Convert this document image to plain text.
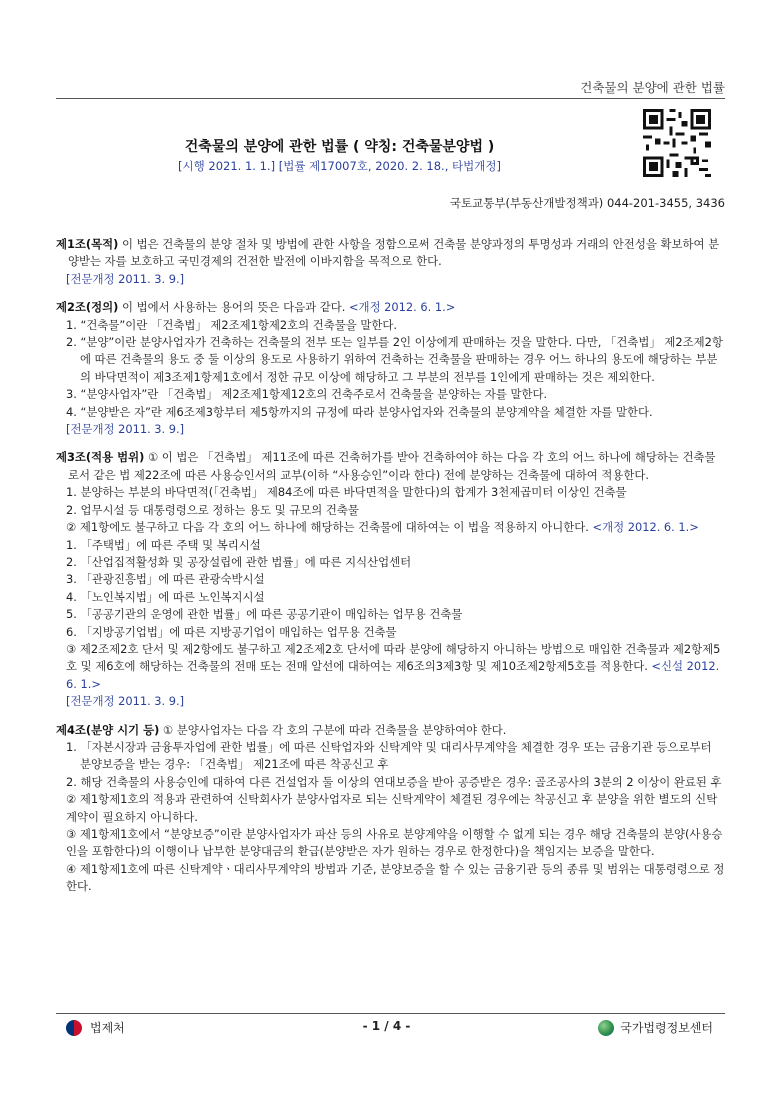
건축물의 분양에 관한 법률
건축물의 분양에 관한 법률 ( 약칭: 건축물분양법 )
[시행 2021. 1. 1.] [법률 제17007호, 2020. 2. 18., 타법개정]
국토교통부(부동산개발정책과) 044-201-3455, 3436

제1조(목적) 이 법은 건축물의 분양 절차 및 방법에 관한 사항을 정함으로써 건축물 분양과정의 투명성과 거래의 안전성을 확보하여 분양받는 자를 보호하고 국민경제의 건전한 발전에 이바지함을 목적으로 한다.

[전문개정 2011. 3. 9.]

제2조(정의) 이 법에서 사용하는 용어의 뜻은 다음과 같다. <개정 2012. 6. 1.>

1. “건축물”이란 「건축법」 제2조제1항제2호의 건축물을 말한다.

2. “분양”이란 분양사업자가 건축하는 건축물의 전부 또는 일부를 2인 이상에게 판매하는 것을 말한다. 다만, 「건축법」 제2조제2항에 따른 건축물의 용도 중 둘 이상의 용도로 사용하기 위하여 건축하는 건축물을 판매하는 경우 어느 하나의 용도에 해당하는 부분의 바닥면적이 제3조제1항제1호에서 정한 규모 이상에 해당하고 그 부분의 전부를 1인에게 판매하는 것은 제외한다.

3. “분양사업자”란 「건축법」 제2조제1항제12호의 건축주로서 건축물을 분양하는 자를 말한다.

4. “분양받은 자”란 제6조제3항부터 제5항까지의 규정에 따라 분양사업자와 건축물의 분양계약을 체결한 자를 말한다.

[전문개정 2011. 3. 9.]

제3조(적용 범위) ① 이 법은 「건축법」 제11조에 따른 건축허가를 받아 건축하여야 하는 다음 각 호의 어느 하나에 해당하는 건축물로서 같은 법 제22조에 따른 사용승인서의 교부(이하 “사용승인”이라 한다) 전에 분양하는 건축물에 대하여 적용한다.

1. 분양하는 부분의 바닥면적(「건축법」 제84조에 따른 바닥면적을 말한다)의 합계가 3천제곱미터 이상인 건축물

2. 업무시설 등 대통령령으로 정하는 용도 및 규모의 건축물

② 제1항에도 불구하고 다음 각 호의 어느 하나에 해당하는 건축물에 대하여는 이 법을 적용하지 아니한다. <개정 2012. 6. 1.>

1. 「주택법」에 따른 주택 및 복리시설

2. 「산업집적활성화 및 공장설립에 관한 법률」에 따른 지식산업센터

3. 「관광진흥법」에 따른 관광숙박시설

4. 「노인복지법」에 따른 노인복지시설

5. 「공공기관의 운영에 관한 법률」에 따른 공공기관이 매입하는 업무용 건축물

6. 「지방공기업법」에 따른 지방공기업이 매입하는 업무용 건축물

③ 제2조제2호 단서 및 제2항에도 불구하고 제2조제2호 단서에 따라 분양에 해당하지 아니하는 방법으로 매입한 건축물과 제2항제5호 및 제6호에 해당하는 건축물의 전매 또는 전매 알선에 대하여는 제6조의3제3항 및 제10조제2항제5호를 적용한다. <신설 2012. 6. 1.>

[전문개정 2011. 3. 9.]

제4조(분양 시기 등) ① 분양사업자는 다음 각 호의 구분에 따라 건축물을 분양하여야 한다.

1. 「자본시장과 금융투자업에 관한 법률」에 따른 신탁업자와 신탁계약 및 대리사무계약을 체결한 경우 또는 금융기관 등으로부터 분양보증을 받는 경우: 「건축법」 제21조에 따른 착공신고 후

2. 해당 건축물의 사용승인에 대하여 다른 건설업자 둘 이상의 연대보증을 받아 공증받은 경우: 골조공사의 3분의 2 이상이 완료된 후

② 제1항제1호의 적용과 관련하여 신탁회사가 분양사업자로 되는 신탁계약이 체결된 경우에는 착공신고 후 분양을 위한 별도의 신탁계약이 필요하지 아니하다.

③ 제1항제1호에서 “분양보증”이란 분양사업자가 파산 등의 사유로 분양계약을 이행할 수 없게 되는 경우 해당 건축물의 분양(사용승인을 포함한다)의 이행이나 납부한 분양대금의 환급(분양받은 자가 원하는 경우로 한정한다)을 책임지는 보증을 말한다.

④ 제1항제1호에 따른 신탁계약ㆍ대리사무계약의 방법과 기준, 분양보증을 할 수 있는 금융기관 등의 종류 및 범위는 대통령령으로 정한다.

법제처	- 1 / 4 -	국가법령정보센터
